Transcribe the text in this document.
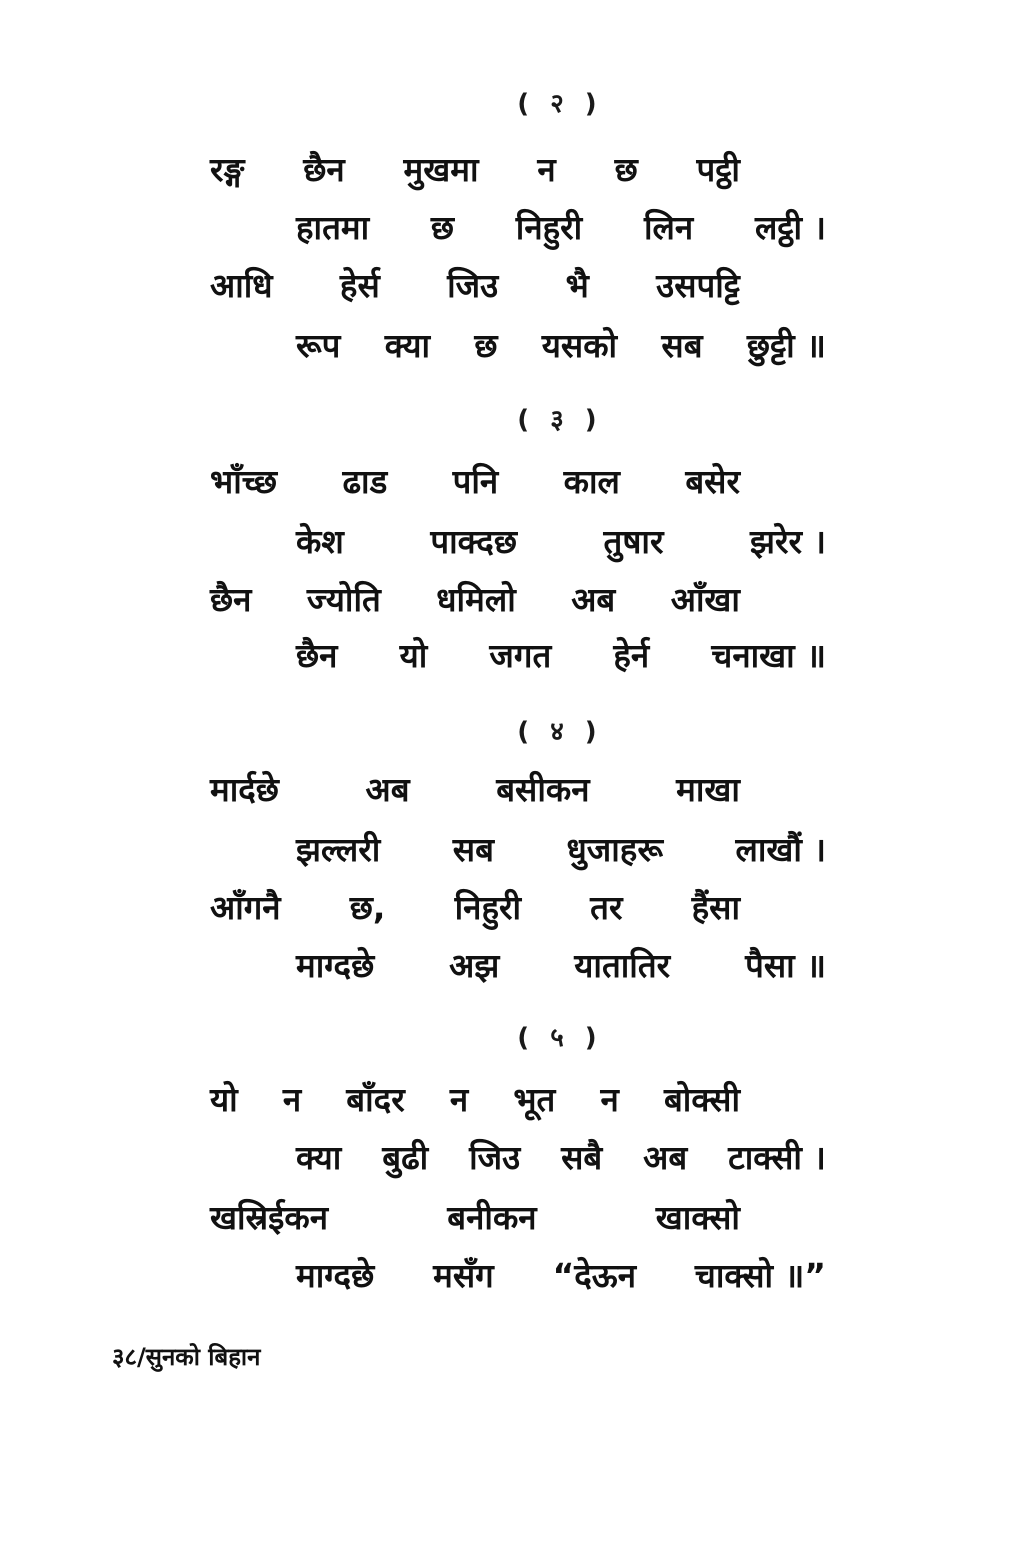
( २ )
रङ्ग छैन मुखमा न छ पट्ठी
हातमा छ निहुरी लिन लट्ठी ।
आधि हेर्स जिउ भै उसपट्टि
रूप क्या छ यसको सब छुट्टी ॥
( ३ )
भाँच्छ ढाड पनि काल बसेर
केश	पाक्दछ	तुषार	झरेर ।
छैन ज्योति धमिलो अब आँखा
छैन यो जगत हेर्न चनाखा ॥
( ४ )
मार्दछे	अब	बसीकन	माखा
झल्लरी सब धुजाहरू लाखौं ।
आँगनै छ, निहुरी तर हैंसा
माग्दछे अझ यातातिर पैसा ॥
( ५ )
यो न बाँदर न भूत न बोक्सी
क्या बुढी जिउ सबै अब टाक्सी ।
खस्रिईकन	बनीकन	खाक्सो
माग्दछे मसँग “देऊन चाक्सो ॥”
३८/सुनको बिहान
